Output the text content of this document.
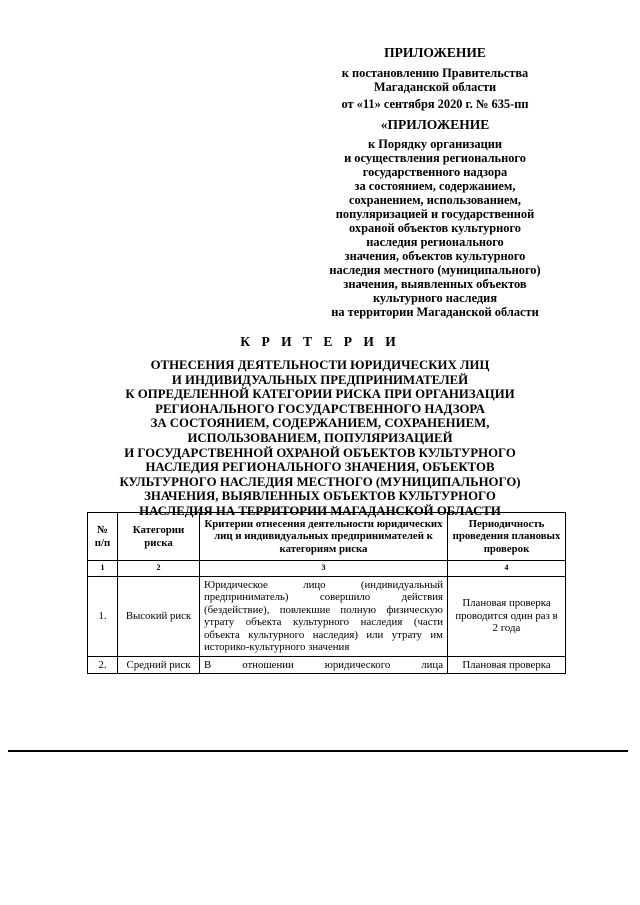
ПРИЛОЖЕНИЕ
к постановлению Правительства
Магаданской области
от «11» сентября 2020 г. № 635-пп
«ПРИЛОЖЕНИЕ
к Порядку организации
и осуществления регионального
государственного надзора
за состоянием, содержанием,
сохранением, использованием,
популяризацией и государственной
охраной объектов культурного
наследия регионального
значения, объектов культурного
наследия местного (муниципального)
значения, выявленных объектов
культурного наследия
на территории Магаданской области
К Р И Т Е Р И И
ОТНЕСЕНИЯ ДЕЯТЕЛЬНОСТИ ЮРИДИЧЕСКИХ ЛИЦ
И ИНДИВИДУАЛЬНЫХ ПРЕДПРИНИМАТЕЛЕЙ
К ОПРЕДЕЛЕННОЙ КАТЕГОРИИ РИСКА ПРИ ОРГАНИЗАЦИИ
РЕГИОНАЛЬНОГО ГОСУДАРСТВЕННОГО НАДЗОРА
ЗА СОСТОЯНИЕМ, СОДЕРЖАНИЕМ, СОХРАНЕНИЕМ,
ИСПОЛЬЗОВАНИЕМ, ПОПУЛЯРИЗАЦИЕЙ
И ГОСУДАРСТВЕННОЙ ОХРАНОЙ ОБЪЕКТОВ КУЛЬТУРНОГО
НАСЛЕДИЯ РЕГИОНАЛЬНОГО ЗНАЧЕНИЯ, ОБЪЕКТОВ
КУЛЬТУРНОГО НАСЛЕДИЯ МЕСТНОГО (МУНИЦИПАЛЬНОГО)
ЗНАЧЕНИЯ, ВЫЯВЛЕННЫХ ОБЪЕКТОВ КУЛЬТУРНОГО
НАСЛЕДИЯ НА ТЕРРИТОРИИ МАГАДАНСКОЙ ОБЛАСТИ
№ п/п	Категории риска	Критерии отнесения деятельности юридических лиц и индивидуальных предпринимателей к категориям риска	Периодичность проведения плановых проверок
1	2	3	4
1.	Высокий риск	Юридическое лицо (индивидуальный предприниматель) совершило действия (бездействие), повлекшие полную физическую утрату объекта культурного наследия (части объекта культурного наследия) или утрату им историко-культурного значения	Плановая проверка проводится один раз в 2 года
2.	Средний риск	В отношении юридического лица	Плановая проверка
